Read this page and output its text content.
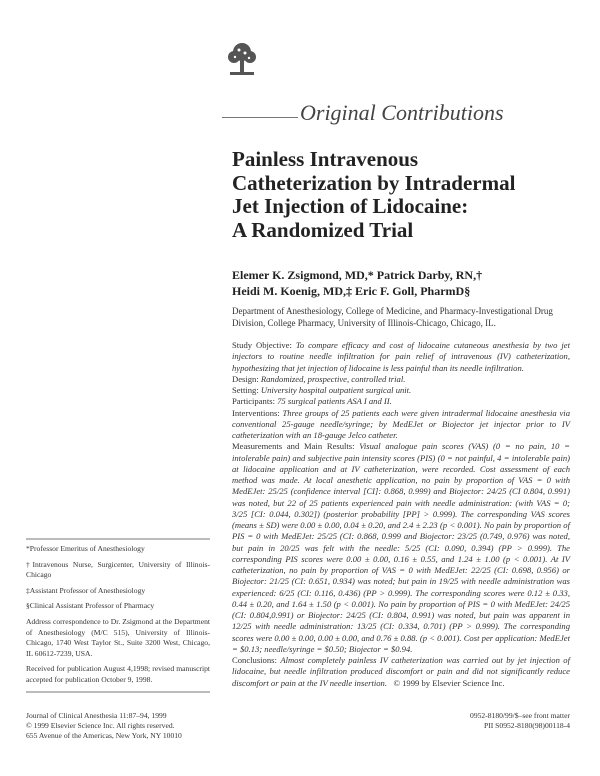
Original Contributions
Painless Intravenous
Catheterization by Intradermal
Jet Injection of Lidocaine:
A Randomized Trial
Elemer K. Zsigmond, MD,* Patrick Darby, RN,†
Heidi M. Koenig, MD,‡ Eric F. Goll, PharmD§
Department of Anesthesiology, College of Medicine, and Pharmacy-Investigational Drug Division, College Pharmacy, University of Illinois-Chicago, Chicago, IL.
Study Objective: To compare efficacy and cost of lidocaine cutaneous anesthesia by two jet injectors to routine needle infiltration for pain relief of intravenous (IV) catheterization, hypothesizing that jet injection of lidocaine is less painful than its needle infiltration.
Design: Randomized, prospective, controlled trial.
Setting: University hospital outpatient surgical unit.
Participants: 75 surgical patients ASA I and II.
Interventions: Three groups of 25 patients each were given intradermal lidocaine anesthesia via conventional 25-gauge needle/syringe; by MedEJet or Biojector jet injector prior to IV catheterization with an 18-gauge Jelco catheter.
Measurements and Main Results: Visual analogue pain scores (VAS) (0 = no pain, 10 = intolerable pain) and subjective pain intensity scores (PIS) (0 = not painful, 4 = intolerable pain) at lidocaine application and at IV catheterization, were recorded. Cost assessment of each method was made. At local anesthetic application, no pain by proportion of VAS = 0 with MedEJet: 25/25 (confidence interval [CI]: 0.868, 0.999) and Biojector: 24/25 (CI 0.804, 0.991) was noted, but 22 of 25 patients experienced pain with needle administration: (with VAS = 0; 3/25 [CI: 0.044, 0.302]) (posterior probability [PP] > 0.999). The corresponding VAS scores (means ± SD) were 0.00 ± 0.00, 0.04 ± 0.20, and 2.4 ± 2.23 (p < 0.001). No pain by proportion of PIS = 0 with MedEJet: 25/25 (CI: 0.868, 0.999 and Biojector: 23/25 (0.749, 0.976) was noted, but pain in 20/25 was felt with the needle: 5/25 (CI: 0.090, 0.394) (PP > 0.999). The corresponding PIS scores were 0.00 ± 0.00, 0.16 ± 0.55, and 1.24 ± 1.00 (p < 0.001). At IV catheterization, no pain by proportion of VAS = 0 with MedEJet: 22/25 (CI: 0.698, 0.956) or Biojector: 21/25 (CI: 0.651, 0.934) was noted; but pain in 19/25 with needle administration was experienced: 6/25 (CI: 0.116, 0.436) (PP > 0.999). The corresponding scores were 0.12 ± 0.33, 0.44 ± 0.20, and 1.64 ± 1.50 (p < 0.001). No pain by proportion of PIS = 0 with MedEJet: 24/25 (CI: 0.804,0.991) or Biojector: 24/25 (CI: 0.804, 0.991) was noted, but pain was apparent in 12/25 with needle administration: 13/25 (CI: 0.334, 0.701) (PP > 0.999). The corresponding scores were 0.00 ± 0.00, 0.00 ± 0.00, and 0.76 ± 0.88. (p < 0.001). Cost per application: MedEJet = $0.13; needle/syringe = $0.50; Biojector = $0.94.
Conclusions: Almost completely painless IV catheterization was carried out by jet injection of lidocaine, but needle infiltration produced discomfort or pain and did not significantly reduce discomfort or pain at the IV needle insertion. © 1999 by Elsevier Science Inc.

*Professor Emeritus of Anesthesiology

†Intravenous Nurse, Surgicenter, University of Illinois-Chicago

‡Assistant Professor of Anesthesiology

§Clinical Assistant Professor of Pharmacy

Address correspondence to Dr. Zsigmond at the Department of Anesthesiology (M/C 515), University of Illinois-Chicago, 1740 West Taylor St., Suite 3200 West, Chicago, IL 60612-7239, USA.

Received for publication August 4,1998; revised manuscript accepted for publication October 9, 1998.

Journal of Clinical Anesthesia 11:87–94, 1999
© 1999 Elsevier Science Inc. All rights reserved.
655 Avenue of the Americas, New York, NY 10010
0952-8180/99/$–see front matter
PII S0952-8180(98)00118-4
